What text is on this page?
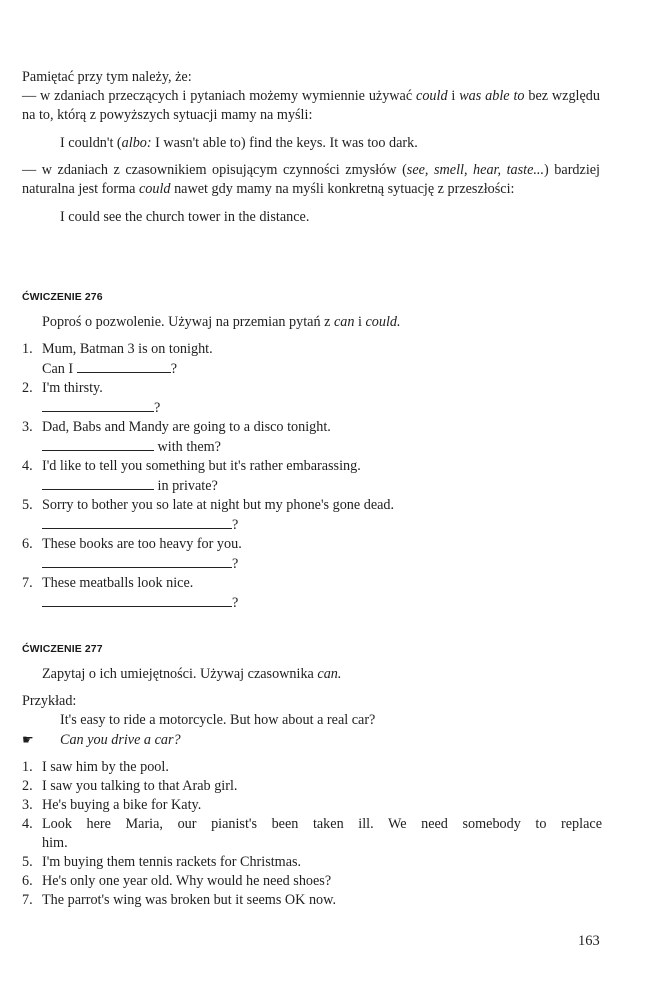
Pamiętać przy tym należy, że:

— w zdaniach przeczących i pytaniach możemy wymiennie używać could i was able to bez względu na to, którą z powyższych sytuacji mamy na myśli:

I couldn't (albo: I wasn't able to) find the keys. It was too dark.

— w zdaniach z czasownikiem opisującym czynności zmysłów (see, smell, hear, taste...) bardziej naturalna jest forma could nawet gdy mamy na myśli konkretną sytuację z przeszłości:

I could see the church tower in the distance.

ĆWICZENIE 276

Poproś o pozwolenie. Używaj na przemian pytań z can i could.

1. Mum, Batman 3 is on tonight.
Can I	?
2. I'm thirsty.
?
3. Dad, Babs and Mandy are going to a disco tonight.
with them?
4. I'd like to tell you something but it's rather embarassing.
in private?
5. Sorry to bother you so late at night but my phone's gone dead.
?
6. These books are too heavy for you.
?
7. These meatballs look nice.
?
ĆWICZENIE 277

Zapytaj o ich umiejętności. Używaj czasownika can.

Przykład:

It's easy to ride a motorcycle. But how about a real car?

☛ Can you drive a car?

1. I saw him by the pool.
2. I saw you talking to that Arab girl.
3. He's buying a bike for Katy.
4. Look here Maria, our pianist's been taken ill. We need somebody to replace
him.
5. I'm buying them tennis rackets for Christmas.
6. He's only one year old. Why would he need shoes?
7. The parrot's wing was broken but it seems OK now.
163
